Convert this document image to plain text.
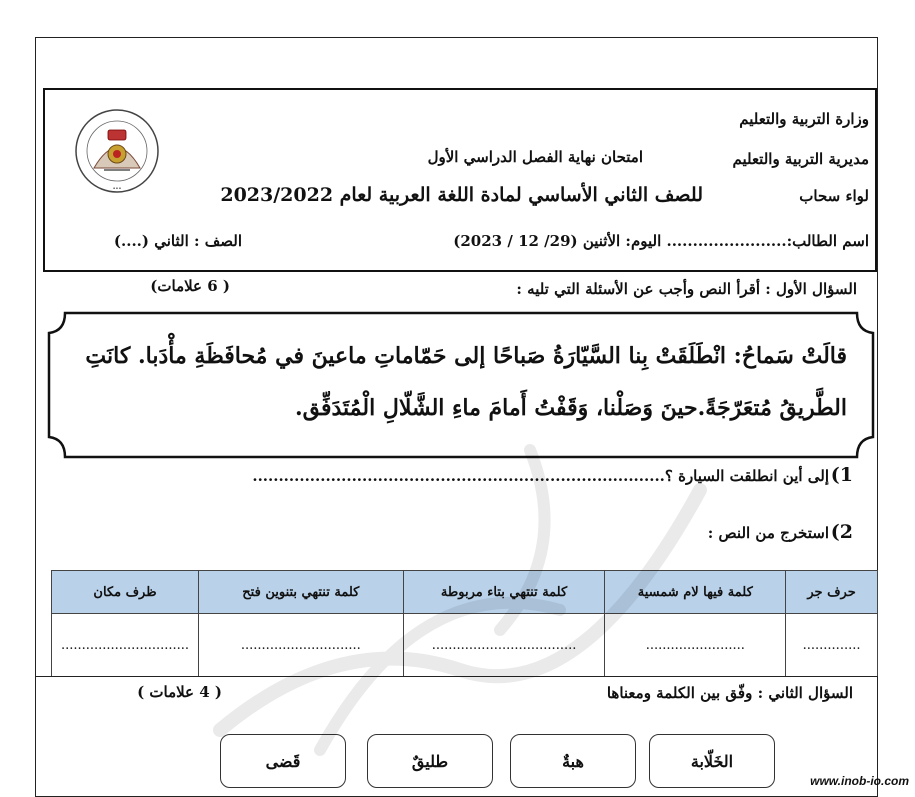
•••
وزارة التربية والتعليم
مديرية التربية والتعليم
لواء سحاب
امتحان نهاية الفصل الدراسي الأول
للصف الثاني الأساسي لمادة اللغة العربية لعام 2023/2022
اسم الطالب:....................... اليوم: الأثنين (29/ 12 / 2023)
الصف : الثاني (....)
السؤال الأول : أقرأ النص وأجب عن الأسئلة التي تليه :
( 6 علامات)
قالَتْ سَماحُ: انْطَلَقَتْ بِنا السَّيّارَةُ صَباحًا إلى حَمّاماتِ ماعينَ في مُحافَظَةِ مأْدَبا. كانَتِ
الطَّريقُ مُتعَرّجَةً.حينَ وَصَلْنا، وَقَفْتُ أَمامَ ماءِ الشَّلّالِ الْمُتَدَفِّق.
1)
إلى أين انطلقت السيارة ؟...............................................................................
2)
استخرج من النص :
حرف جر	كلمة فيها لام شمسية	كلمة تنتهي بتاء مربوطة	كلمة تنتهي بتنوين فتح	ظرف مكان
..............	........................	...................................	.............................	...............................
السؤال الثاني : وفّق بين الكلمة ومعناها
( 4 علامات )
الخَلّابة
هبةٌ
طليقٌ
قَضى
www.inob-io.com
